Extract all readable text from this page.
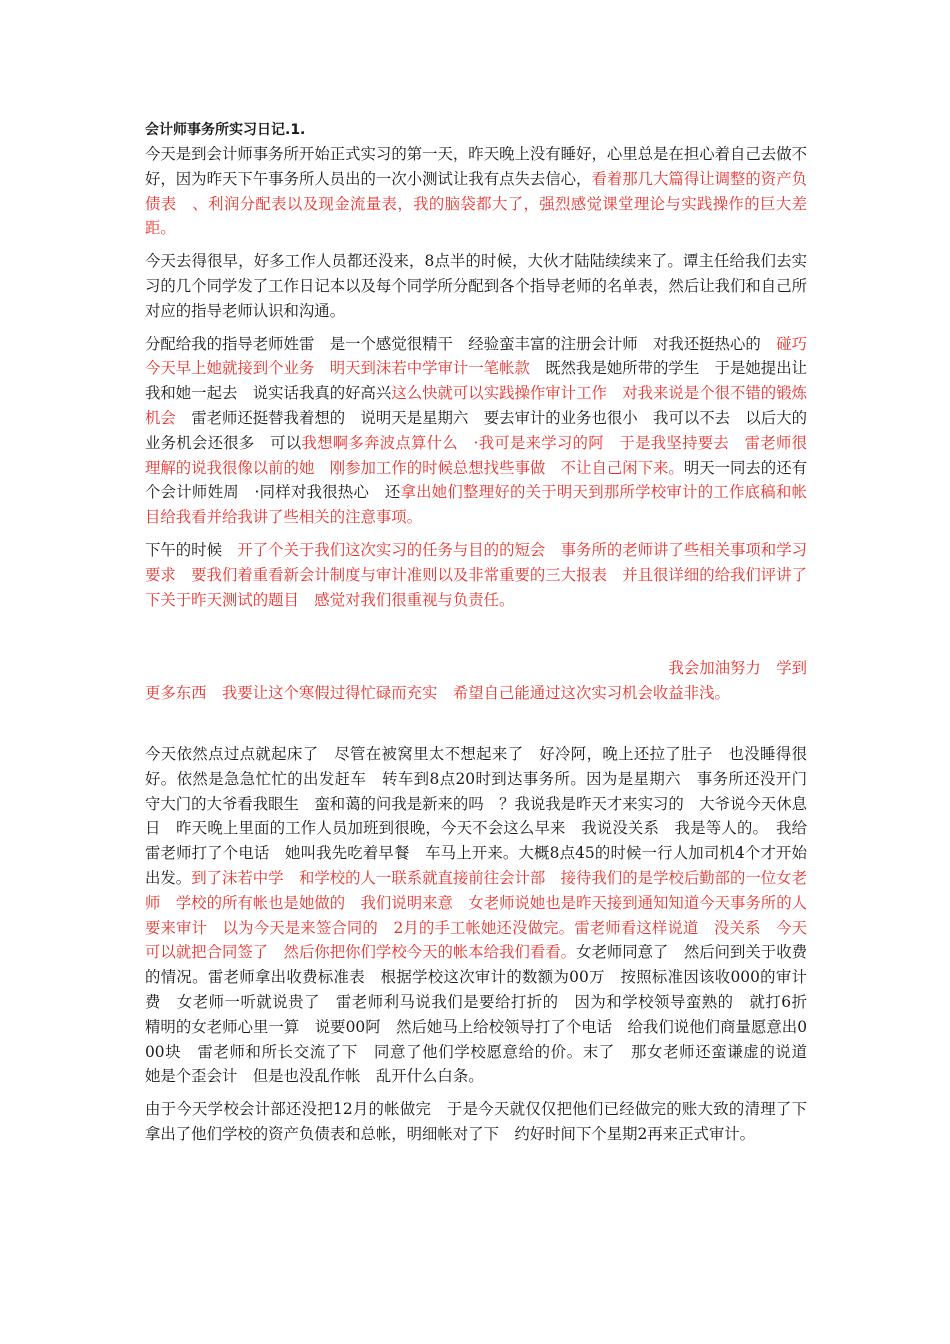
会计师事务所实习日记.1.

今天是到会计师事务所开始正式实习的第一天，昨天晚上没有睡好，心里总是在担心着自己去做不好，因为昨天下午事务所人员出的一次小测试让我有点失去信心，看着那几大篇得让调整的资产负债表　、利润分配表以及现金流量表，我的脑袋都大了，强烈感觉课堂理论与实践操作的巨大差距。

今天去得很早，好多工作人员都还没来，8点半的时候，大伙才陆陆续续来了。谭主任给我们去实习的几个同学发了工作日记本以及每个同学所分配到各个指导老师的名单表，然后让我们和自己所对应的指导老师认识和沟通。

分配给我的指导老师姓雷　是一个感觉很精干　经验蛮丰富的注册会计师　对我还挺热心的　碰巧今天早上她就接到个业务　明天到沫若中学审计一笔帐款　既然我是她所带的学生　于是她提出让我和她一起去　说实话我真的好高兴这么快就可以实践操作审计工作　对我来说是个很不错的锻炼机会　雷老师还挺替我着想的　说明天是星期六　要去审计的业务也很小　我可以不去　以后大的业务机会还很多　可以我想啊多奔波点算什么　·我可是来学习的阿　于是我坚持要去　雷老师很理解的说我很像以前的她　刚参加工作的时候总想找些事做　不让自己闲下来。明天一同去的还有个会计师姓周　·同样对我很热心　还拿出她们整理好的关于明天到那所学校审计的工作底稿和帐目给我看并给我讲了些相关的注意事项。

下午的时候　开了个关于我们这次实习的任务与目的的短会　事务所的老师讲了些相关事项和学习要求　要我们着重看新会计制度与审计准则以及非常重要的三大报表　并且很详细的给我们评讲了下关于昨天测试的题目　感觉对我们很重视与负责任。

我会加油努力　学到

更多东西　我要让这个寒假过得忙碌而充实　希望自己能通过这次实习机会收益非浅。

今天依然点过点就起床了　尽管在被窝里太不想起来了　好冷阿，晚上还拉了肚子　也没睡得很好。依然是急急忙忙的出发赶车　转车到8点20时到达事务所。因为是星期六　事务所还没开门　守大门的大爷看我眼生　蛮和蔼的问我是新来的吗　？我说我是昨天才来实习的　大爷说今天休息日　昨天晚上里面的工作人员加班到很晚，今天不会这么早来　我说没关系　我是等人的。　我给雷老师打了个电话　她叫我先吃着早餐　车马上开来。大概8点45的时候一行人加司机4个才开始出发。到了沫若中学　和学校的人一联系就直接前往会计部　接待我们的是学校后勤部的一位女老师　学校的所有帐也是她做的　我们说明来意　女老师说她也是昨天接到通知知道今天事务所的人要来审计　以为今天是来签合同的　2月的手工帐她还没做完。雷老师看这样说道　没关系　今天可以就把合同签了　然后你把你们学校今天的帐本给我们看看。女老师同意了　然后问到关于收费的情况。雷老师拿出收费标准表　根据学校这次审计的数额为00万　按照标准因该收000的审计费　女老师一听就说贵了　雷老师利马说我们是要给打折的　因为和学校领导蛮熟的　就打6折　精明的女老师心里一算　说要00阿　然后她马上给校领导打了个电话　给我们说他们商量愿意出000块　雷老师和所长交流了下　同意了他们学校愿意给的价。末了　那女老师还蛮谦虚的说道　她是个歪会计　但是也没乱作帐　乱开什么白条。

由于今天学校会计部还没把12月的帐做完　于是今天就仅仅把他们已经做完的账大致的清理了下　拿出了他们学校的资产负债表和总帐，明细帐对了下　约好时间下个星期2再来正式审计。
